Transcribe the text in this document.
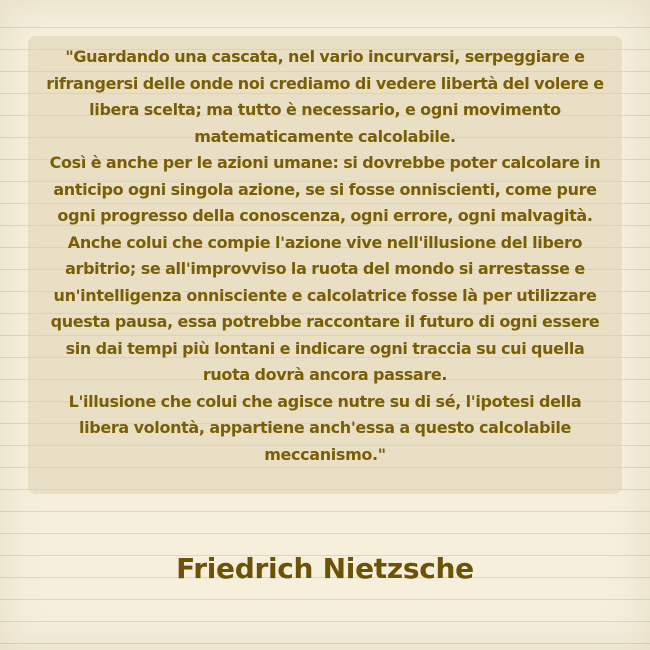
"Guardando una cascata, nel vario incurvarsi, serpeggiare e
rifrangersi delle onde noi crediamo di vedere libertà del volere e
libera scelta; ma tutto è necessario, e ogni movimento
matematicamente calcolabile.
Così è anche per le azioni umane: si dovrebbe poter calcolare in
anticipo ogni singola azione, se si fosse onniscienti, come pure
ogni progresso della conoscenza, ogni errore, ogni malvagità.
Anche colui che compie l'azione vive nell'illusione del libero
arbitrio; se all'improvviso la ruota del mondo si arrestasse e
un'intelligenza onnisciente e calcolatrice fosse là per utilizzare
questa pausa, essa potrebbe raccontare il futuro di ogni essere
sin dai tempi più lontani e indicare ogni traccia su cui quella
ruota dovrà ancora passare.
L'illusione che colui che agisce nutre su di sé, l'ipotesi della
libera volontà, appartiene anch'essa a questo calcolabile
meccanismo."

Friedrich Nietzsche
